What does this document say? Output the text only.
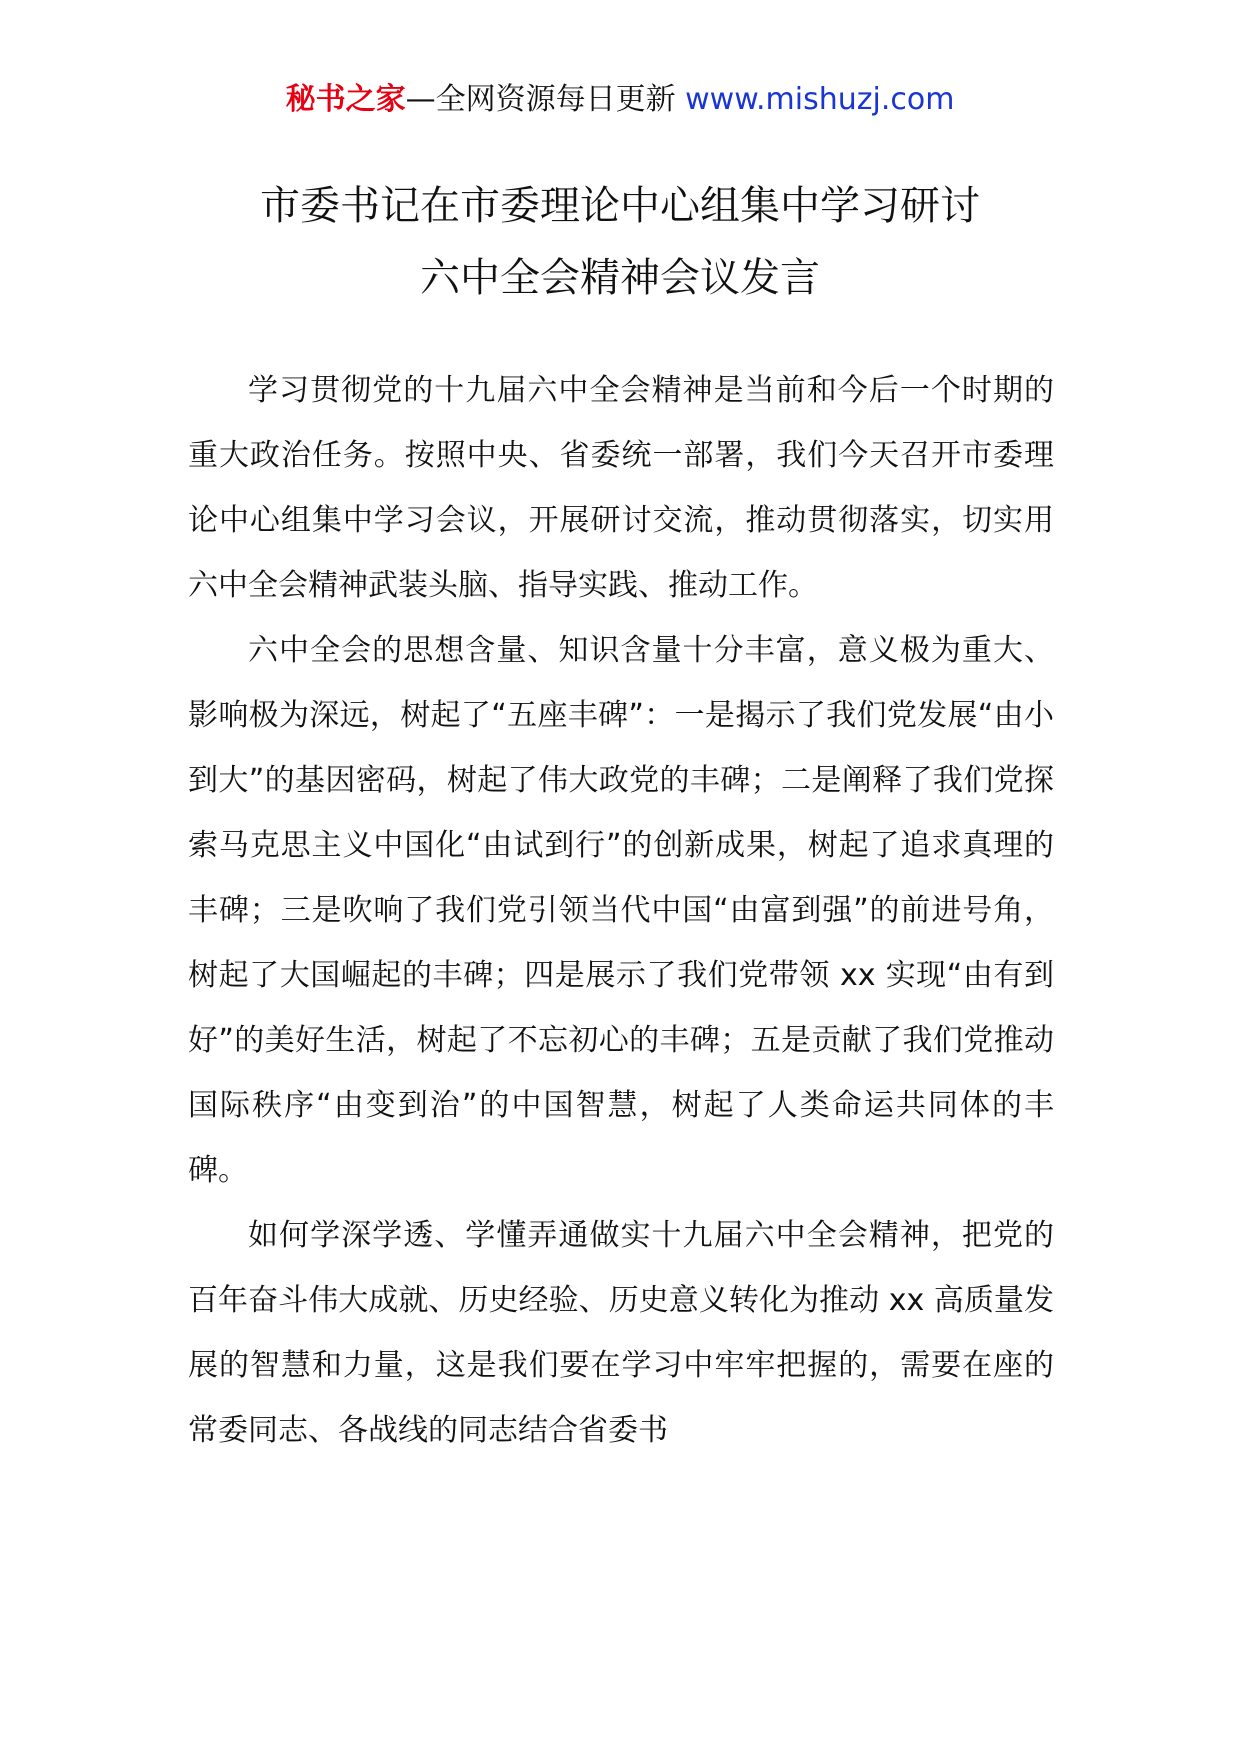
秘书之家—全网资源每日更新 www.mishuzj.com
市委书记在市委理论中心组集中学习研讨
六中全会精神会议发言

学习贯彻党的十九届六中全会精神是当前和今后一个时期的重大政治任务。按照中央、省委统一部署，我们今天召开市委理论中心组集中学习会议，开展研讨交流，推动贯彻落实，切实用六中全会精神武装头脑、指导实践、推动工作。

六中全会的思想含量、知识含量十分丰富，意义极为重大、影响极为深远，树起了“五座丰碑”：一是揭示了我们党发展“由小到大”的基因密码，树起了伟大政党的丰碑；二是阐释了我们党探索马克思主义中国化“由试到行”的创新成果，树起了追求真理的丰碑；三是吹响了我们党引领当代中国“由富到强”的前进号角，树起了大国崛起的丰碑；四是展示了我们党带领 xx 实现“由有到好”的美好生活，树起了不忘初心的丰碑；五是贡献了我们党推动国际秩序“由变到治”的中国智慧，树起了人类命运共同体的丰碑。

如何学深学透、学懂弄通做实十九届六中全会精神，把党的百年奋斗伟大成就、历史经验、历史意义转化为推动 xx 高质量发展的智慧和力量，这是我们要在学习中牢牢把握的，需要在座的常委同志、各战线的同志结合省委书
